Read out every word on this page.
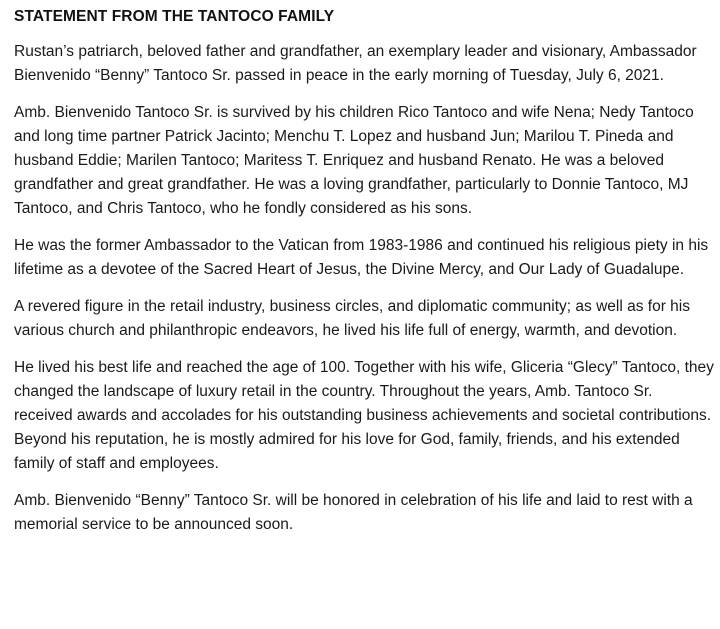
STATEMENT FROM THE TANTOCO FAMILY

Rustan’s patriarch, beloved father and grandfather, an exemplary leader and visionary, Ambassador Bienvenido “Benny” Tantoco Sr. passed in peace in the early morning of Tuesday, July 6, 2021.

Amb. Bienvenido Tantoco Sr. is survived by his children Rico Tantoco and wife Nena; Nedy Tantoco and long time partner Patrick Jacinto; Menchu T. Lopez and husband Jun; Marilou T. Pineda and husband Eddie; Marilen Tantoco; Maritess T. Enriquez and husband Renato. He was a beloved grandfather and great grandfather. He was a loving grandfather, particularly to Donnie Tantoco, MJ Tantoco, and Chris Tantoco, who he fondly considered as his sons.

He was the former Ambassador to the Vatican from 1983-1986 and continued his religious piety in his lifetime as a devotee of the Sacred Heart of Jesus, the Divine Mercy, and Our Lady of Guadalupe.

A revered figure in the retail industry, business circles, and diplomatic community; as well as for his various church and philanthropic endeavors, he lived his life full of energy, warmth, and devotion.

He lived his best life and reached the age of 100. Together with his wife, Gliceria “Glecy” Tantoco, they changed the landscape of luxury retail in the country. Throughout the years, Amb. Tantoco Sr. received awards and accolades for his outstanding business achievements and societal contributions. Beyond his reputation, he is mostly admired for his love for God, family, friends, and his extended family of staff and employees.

Amb. Bienvenido “Benny” Tantoco Sr. will be honored in celebration of his life and laid to rest with a memorial service to be announced soon.
